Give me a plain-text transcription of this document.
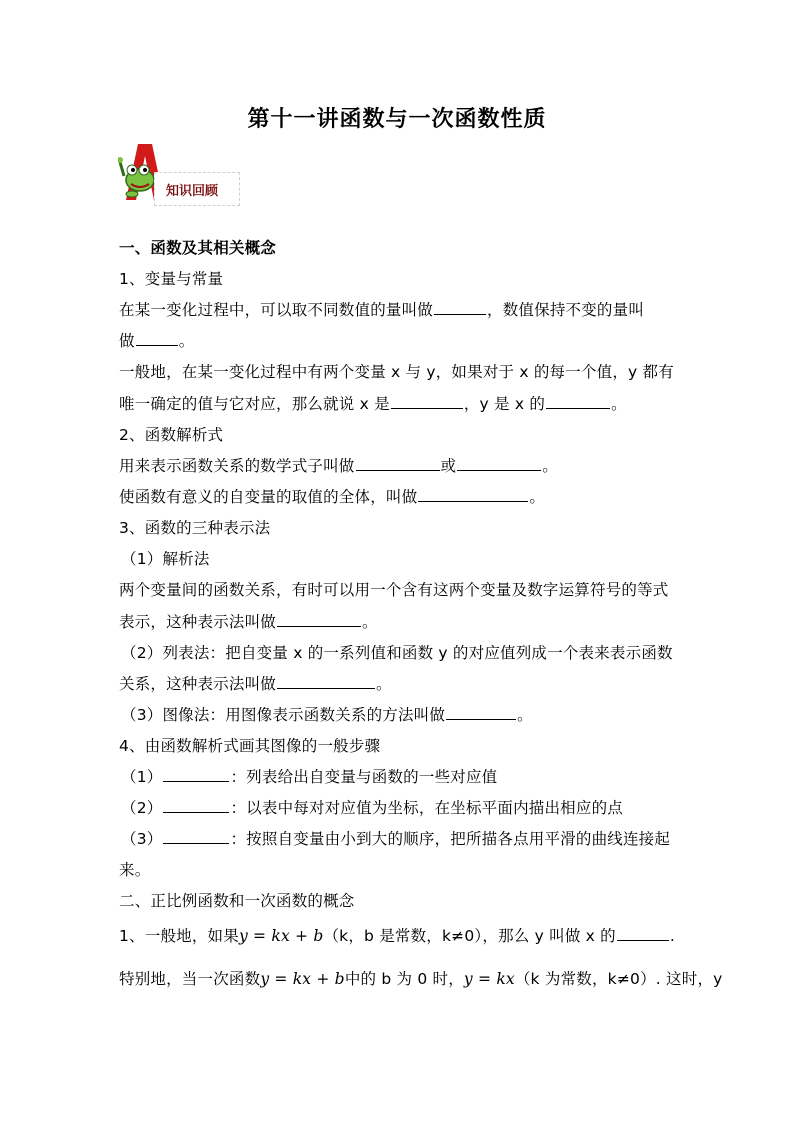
第十一讲函数与一次函数性质
知识回顾
一、函数及其相关概念
1、变量与常量
在某一变化过程中，可以取不同数值的量叫做	，数值保持不变的量叫
做	。
一般地，在某一变化过程中有两个变量 x 与 y，如果对于 x 的每一个值，y 都有
唯一确定的值与它对应，那么就说 x 是	，y 是 x 的	。
2、函数解析式
用来表示函数关系的数学式子叫做	或	。
使函数有意义的自变量的取值的全体，叫做	。
3、函数的三种表示法
（1）解析法
两个变量间的函数关系，有时可以用一个含有这两个变量及数字运算符号的等式
表示，这种表示法叫做	。
（2）列表法：把自变量 x 的一系列值和函数 y 的对应值列成一个表来表示函数
关系，这种表示法叫做	。
（3）图像法：用图像表示函数关系的方法叫做	。
4、由函数解析式画其图像的一般步骤
（1）	：列表给出自变量与函数的一些对应值
（2）	：以表中每对对应值为坐标，在坐标平面内描出相应的点
（3）	：按照自变量由小到大的顺序，把所描各点用平滑的曲线连接起
来。
二、正比例函数和一次函数的概念
1、一般地，如果y = kx + b（k，b 是常数，k≠0），那么 y 叫做 x 的	.
特别地，当一次函数y = kx + b中的 b 为 0 时，y = kx（k 为常数，k≠0）. 这时，y
